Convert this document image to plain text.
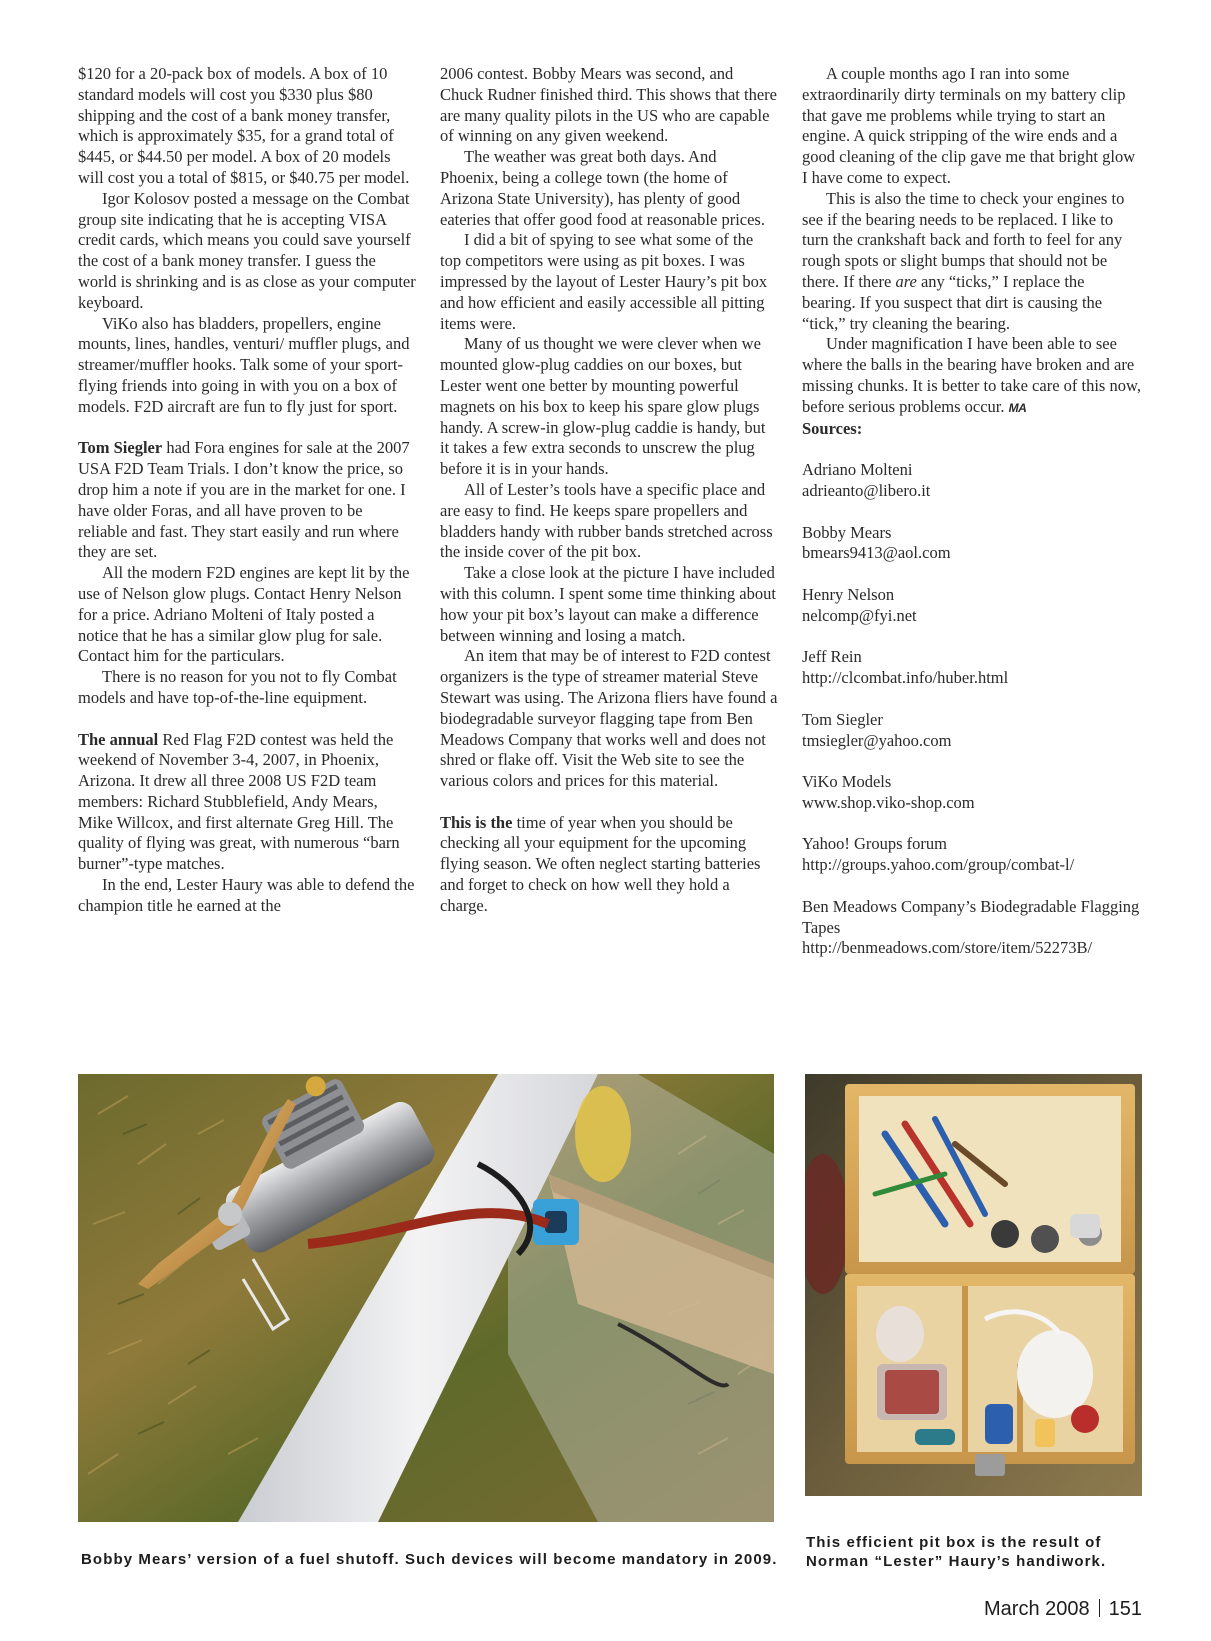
$120 for a 20-pack box of models. A box of 10 standard models will cost you $330 plus $80 shipping and the cost of a bank money transfer, which is approximately $35, for a grand total of $445, or $44.50 per model. A box of 20 models will cost you a total of $815, or $40.75 per model.

Igor Kolosov posted a message on the Combat group site indicating that he is accepting VISA credit cards, which means you could save yourself the cost of a bank money transfer. I guess the world is shrinking and is as close as your computer keyboard.

ViKo also has bladders, propellers, engine mounts, lines, handles, venturi/ muffler plugs, and streamer/muffler hooks. Talk some of your sport-flying friends into going in with you on a box of models. F2D aircraft are fun to fly just for sport.

Tom Siegler had Fora engines for sale at the 2007 USA F2D Team Trials. I don’t know the price, so drop him a note if you are in the market for one. I have older Foras, and all have proven to be reliable and fast. They start easily and run where they are set.

All the modern F2D engines are kept lit by the use of Nelson glow plugs. Contact Henry Nelson for a price. Adriano Molteni of Italy posted a notice that he has a similar glow plug for sale. Contact him for the particulars.

There is no reason for you not to fly Combat models and have top-of-the-line equipment.

The annual Red Flag F2D contest was held the weekend of November 3-4, 2007, in Phoenix, Arizona. It drew all three 2008 US F2D team members: Richard Stubblefield, Andy Mears, Mike Willcox, and first alternate Greg Hill. The quality of flying was great, with numerous “barn burner”-type matches.

In the end, Lester Haury was able to defend the champion title he earned at the

2006 contest. Bobby Mears was second, and Chuck Rudner finished third. This shows that there are many quality pilots in the US who are capable of winning on any given weekend.

The weather was great both days. And Phoenix, being a college town (the home of Arizona State University), has plenty of good eateries that offer good food at reasonable prices.

I did a bit of spying to see what some of the top competitors were using as pit boxes. I was impressed by the layout of Lester Haury’s pit box and how efficient and easily accessible all pitting items were.

Many of us thought we were clever when we mounted glow-plug caddies on our boxes, but Lester went one better by mounting powerful magnets on his box to keep his spare glow plugs handy. A screw-in glow-plug caddie is handy, but it takes a few extra seconds to unscrew the plug before it is in your hands.

All of Lester’s tools have a specific place and are easy to find. He keeps spare propellers and bladders handy with rubber bands stretched across the inside cover of the pit box.

Take a close look at the picture I have included with this column. I spent some time thinking about how your pit box’s layout can make a difference between winning and losing a match.

An item that may be of interest to F2D contest organizers is the type of streamer material Steve Stewart was using. The Arizona fliers have found a biodegradable surveyor flagging tape from Ben Meadows Company that works well and does not shred or flake off. Visit the Web site to see the various colors and prices for this material.

This is the time of year when you should be checking all your equipment for the upcoming flying season. We often neglect starting batteries and forget to check on how well they hold a charge.

A couple months ago I ran into some extraordinarily dirty terminals on my battery clip that gave me problems while trying to start an engine. A quick stripping of the wire ends and a good cleaning of the clip gave me that bright glow I have come to expect.

This is also the time to check your engines to see if the bearing needs to be replaced. I like to turn the crankshaft back and forth to feel for any rough spots or slight bumps that should not be there. If there are any “ticks,” I replace the bearing. If you suspect that dirt is causing the “tick,” try cleaning the bearing.

Under magnification I have been able to see where the balls in the bearing have broken and are missing chunks. It is better to take care of this now, before serious problems occur. MA

Sources:

Adriano Molteni
adrieanto@libero.it
Bobby Mears
bmears9413@aol.com
Henry Nelson
nelcomp@fyi.net
Jeff Rein
http://clcombat.info/huber.html
Tom Siegler
tmsiegler@yahoo.com
ViKo Models
www.shop.viko-shop.com
Yahoo! Groups forum
http://groups.yahoo.com/group/combat-l/
Ben Meadows Company’s Biodegradable Flagging Tapes
http://benmeadows.com/store/item/52273B/
Bobby Mears’ version of a fuel shutoff. Such devices will become mandatory in 2009.
This efficient pit box is the result of Norman “Lester” Haury’s handiwork.
March 2008 151
